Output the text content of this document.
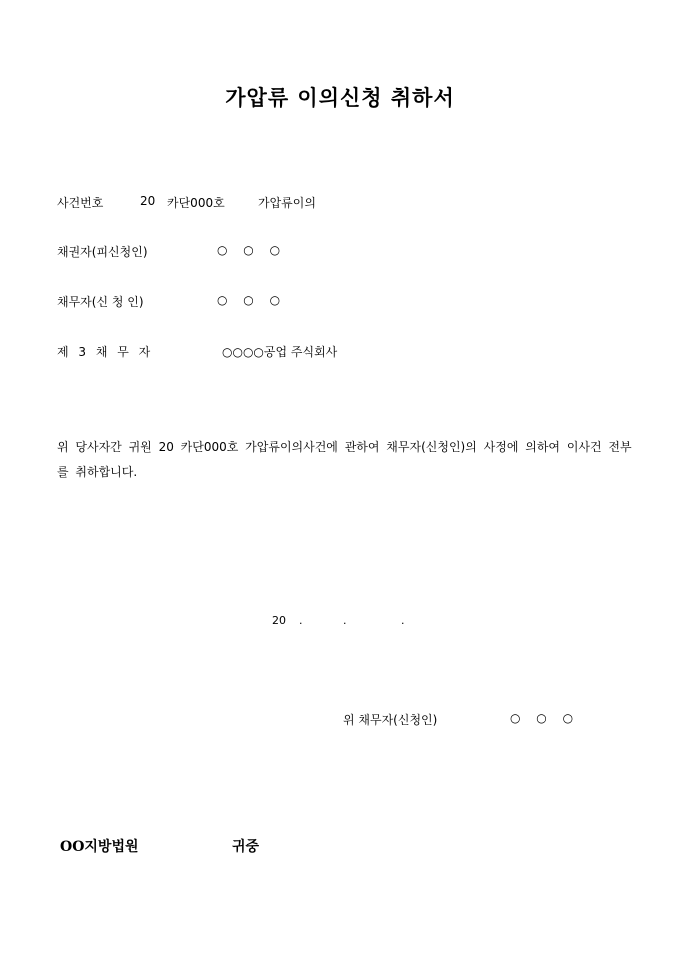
가압류 이의신청 취하서
사건번호	20 카단000호	가압류이의
채권자(피신청인)	○ ○ ○
채무자(신 청 인)	○ ○ ○
제 3 채 무 자	○○○○공업 주식회사
위 당사자간 귀원 20 카단000호 가압류이의사건에 관하여 채무자(신청인)의 사정에 의하여 이사건 전부를 취하합니다.
20 .	.	.
위 채무자(신청인)	○ ○ ○
OO지방법원	귀중
